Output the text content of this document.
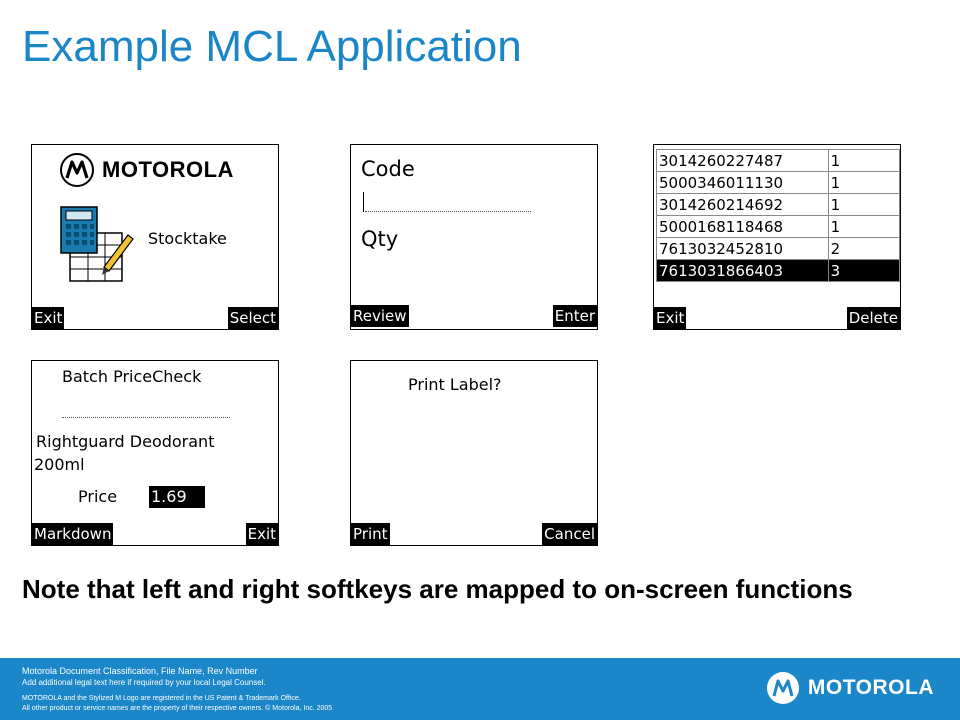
Example MCL Application
MOTOROLA
Stocktake
Exit	Select
Code
Qty
Review	Enter
3014260227487	1
5000346011130	1
3014260214692	1
5000168118468	1
7613032452810	2
7613031866403	3
Exit	Delete
Batch PriceCheck
Rightguard Deodorant
200ml
Price 1.69
Markdown	Exit
Print Label?
Print	Cancel

Note that left and right softkeys are mapped to on-screen functions

Motorola Document Classification, File Name, Rev Number
Add additional legal text here if required by your local Legal Counsel.
MOTOROLA and the Stylized M Logo are registered in the US Patent & Trademark Office.
All other product or service names are the property of their respective owners. © Motorola, Inc. 2005
MOTOROLA
